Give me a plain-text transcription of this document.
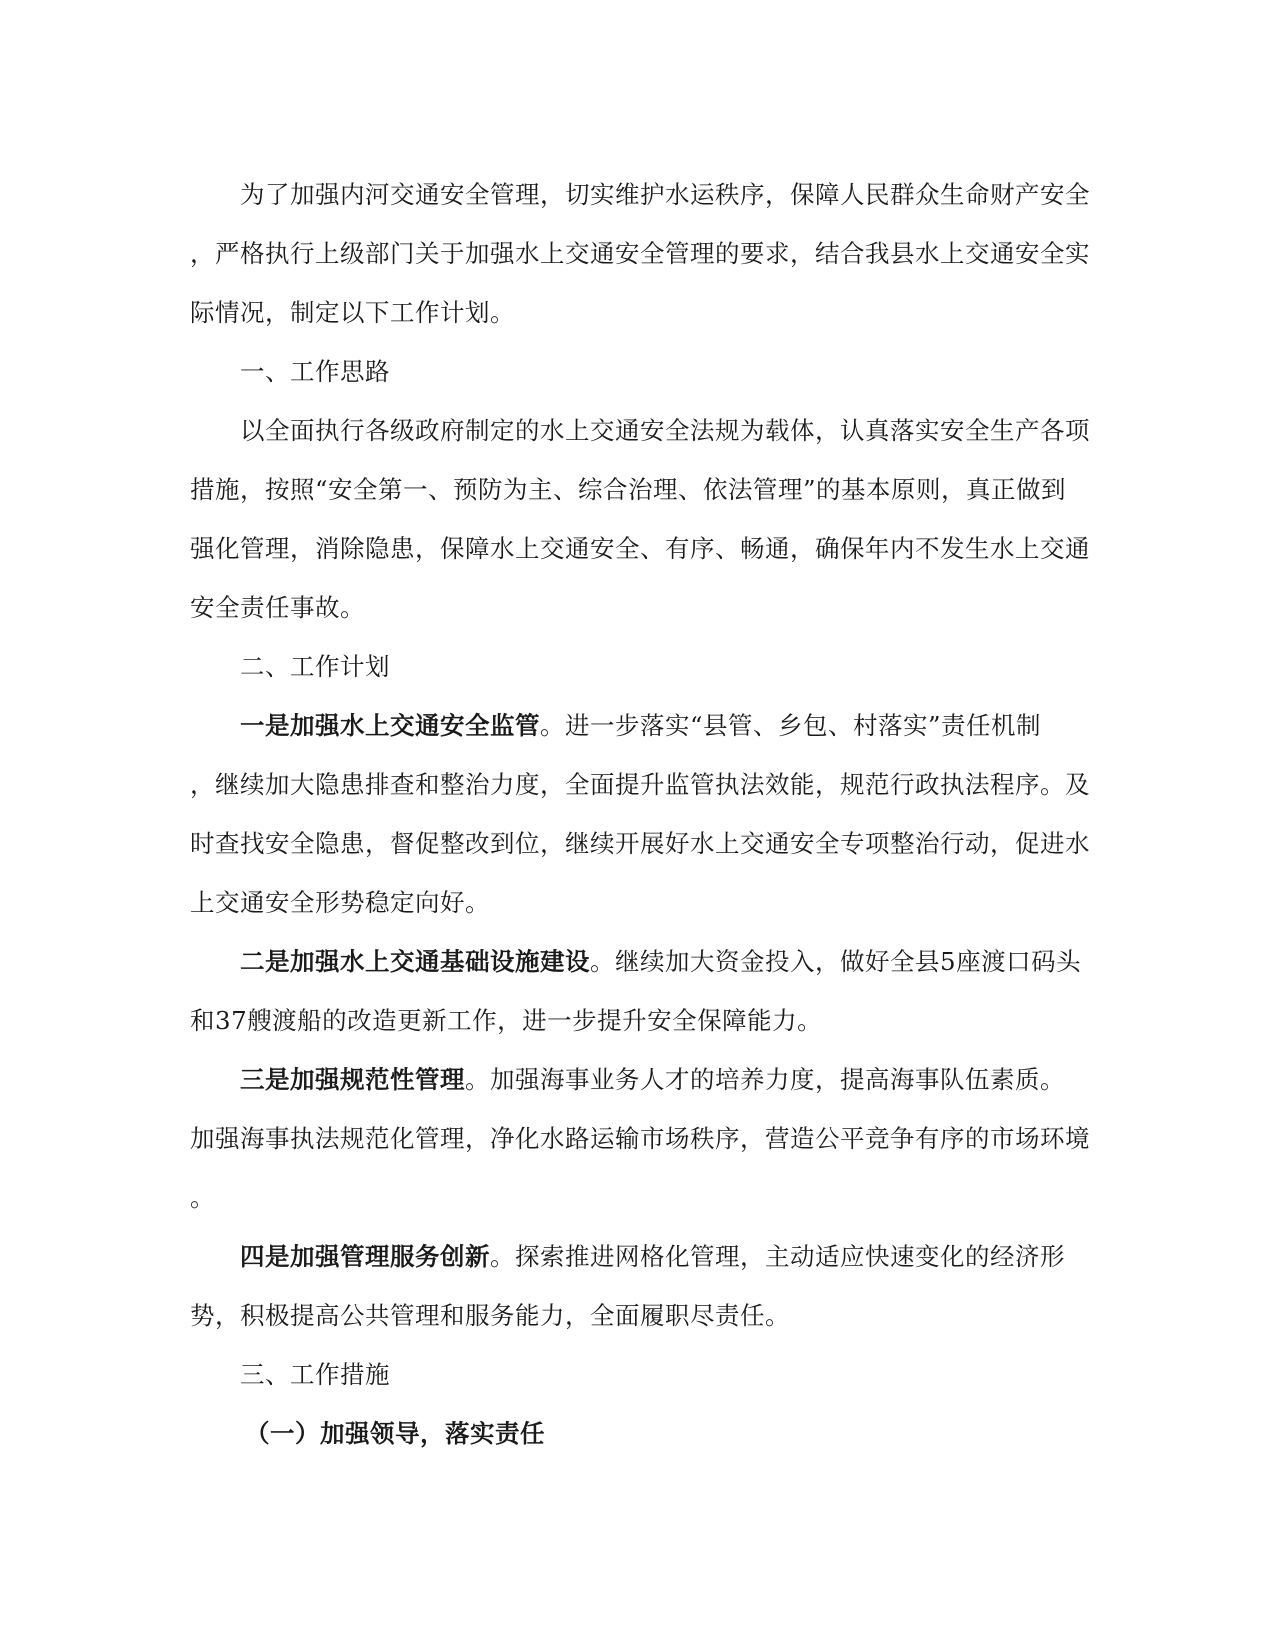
为了加强内河交通安全管理，切实维护水运秩序，保障人民群众生命财产安全
，严格执行上级部门关于加强水上交通安全管理的要求，结合我县水上交通安全实
际情况，制定以下工作计划。
一、工作思路
以全面执行各级政府制定的水上交通安全法规为载体，认真落实安全生产各项
措施，按照“安全第一、预防为主、综合治理、依法管理”的基本原则，真正做到
强化管理，消除隐患，保障水上交通安全、有序、畅通，确保年内不发生水上交通
安全责任事故。
二、工作计划
一是加强水上交通安全监管。进一步落实“县管、乡包、村落实”责任机制
，继续加大隐患排查和整治力度，全面提升监管执法效能，规范行政执法程序。及
时查找安全隐患，督促整改到位，继续开展好水上交通安全专项整治行动，促进水
上交通安全形势稳定向好。
二是加强水上交通基础设施建设。继续加大资金投入，做好全县5座渡口码头
和37艘渡船的改造更新工作，进一步提升安全保障能力。
三是加强规范性管理。加强海事业务人才的培养力度，提高海事队伍素质。
加强海事执法规范化管理，净化水路运输市场秩序，营造公平竞争有序的市场环境
。
四是加强管理服务创新。探索推进网格化管理，主动适应快速变化的经济形
势，积极提高公共管理和服务能力，全面履职尽责任。
三、工作措施
（一）加强领导，落实责任
